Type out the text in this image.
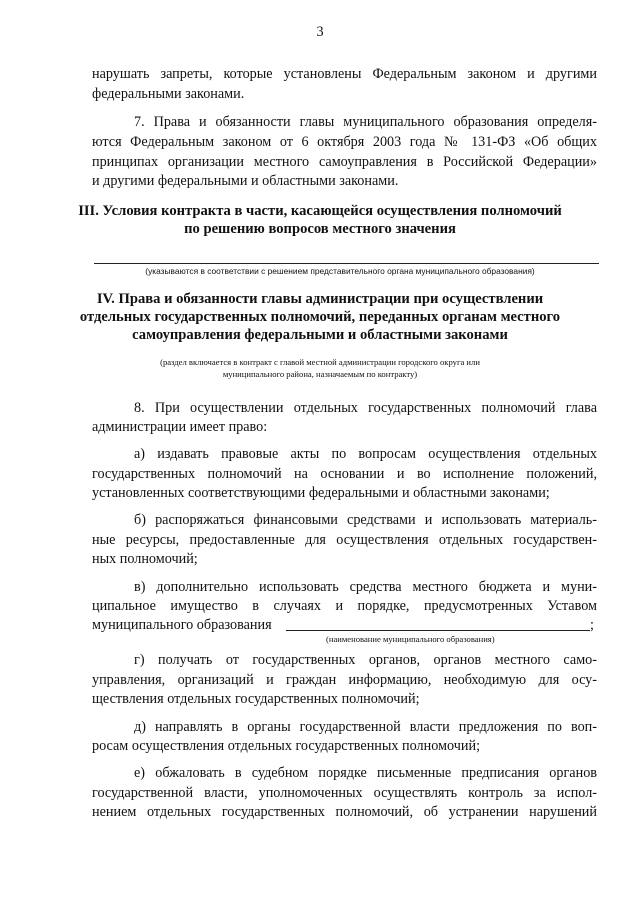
3
нарушать запреты, которые установлены Федеральным законом и другими
федеральными законами.
7. Права и обязанности главы муниципального образования определя-
ются Федеральным законом от 6 октября 2003 года № 131-ФЗ «Об общих
принципах организации местного самоуправления в Российской Федерации»
и другими федеральными и областными законами.
III. Условия контракта в части, касающейся осуществления полномочий
по решению вопросов местного значения
(указываются в соответствии с решением представительного органа муниципального образования)
IV. Права и обязанности главы администрации при осуществлении
отдельных государственных полномочий, переданных органам местного
самоуправления федеральными и областными законами
(раздел включается в контракт с главой местной администрации городского округа или
муниципального района, назначаемым по контракту)
8. При осуществлении отдельных государственных полномочий глава
администрации имеет право:
а) издавать правовые акты по вопросам осуществления отдельных
государственных полномочий на основании и во исполнение положений,
установленных соответствующими федеральными и областными законами;
б) распоряжаться финансовыми средствами и использовать материаль-
ные ресурсы, предоставленные для осуществления отдельных государствен-
ных полномочий;
в) дополнительно использовать средства местного бюджета и муни-
ципальное имущество в случаях и порядке, предусмотренных Уставом
муниципального образования	;
(наименование муниципального образования)
г) получать от государственных органов, органов местного само-
управления, организаций и граждан информацию, необходимую для осу-
ществления отдельных государственных полномочий;
д) направлять в органы государственной власти предложения по воп-
росам осуществления отдельных государственных полномочий;
е) обжаловать в судебном порядке письменные предписания органов
государственной власти, уполномоченных осуществлять контроль за испол-
нением отдельных государственных полномочий, об устранении нарушений
